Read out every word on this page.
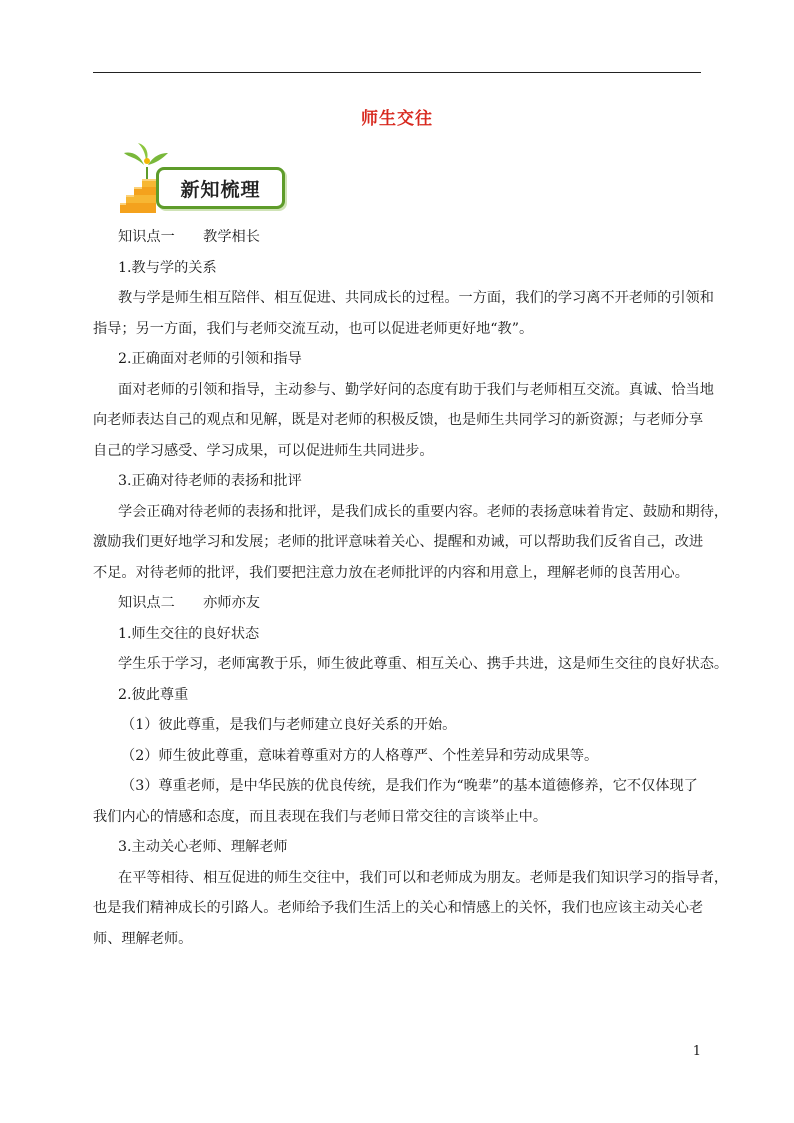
师生交往
新知梳理
知识点一　　教学相长
1.教与学的关系
教与学是师生相互陪伴、相互促进、共同成长的过程。一方面，我们的学习离不开老师的引领和
指导；另一方面，我们与老师交流互动，也可以促进老师更好地“教”。
2.正确面对老师的引领和指导
面对老师的引领和指导，主动参与、勤学好问的态度有助于我们与老师相互交流。真诚、恰当地
向老师表达自己的观点和见解，既是对老师的积极反馈，也是师生共同学习的新资源；与老师分享
自己的学习感受、学习成果，可以促进师生共同进步。
3.正确对待老师的表扬和批评
学会正确对待老师的表扬和批评，是我们成长的重要内容。老师的表扬意味着肯定、鼓励和期待，
激励我们更好地学习和发展；老师的批评意味着关心、提醒和劝诫，可以帮助我们反省自己，改进
不足。对待老师的批评，我们要把注意力放在老师批评的内容和用意上，理解老师的良苦用心。
知识点二　　亦师亦友
1.师生交往的良好状态
学生乐于学习，老师寓教于乐，师生彼此尊重、相互关心、携手共进，这是师生交往的良好状态。
2.彼此尊重
（1）彼此尊重，是我们与老师建立良好关系的开始。
（2）师生彼此尊重，意味着尊重对方的人格尊严、个性差异和劳动成果等。
（3）尊重老师，是中华民族的优良传统，是我们作为“晚辈”的基本道德修养，它不仅体现了
我们内心的情感和态度，而且表现在我们与老师日常交往的言谈举止中。
3.主动关心老师、理解老师
在平等相待、相互促进的师生交往中，我们可以和老师成为朋友。老师是我们知识学习的指导者，
也是我们精神成长的引路人。老师给予我们生活上的关心和情感上的关怀，我们也应该主动关心老
师、理解老师。
1
